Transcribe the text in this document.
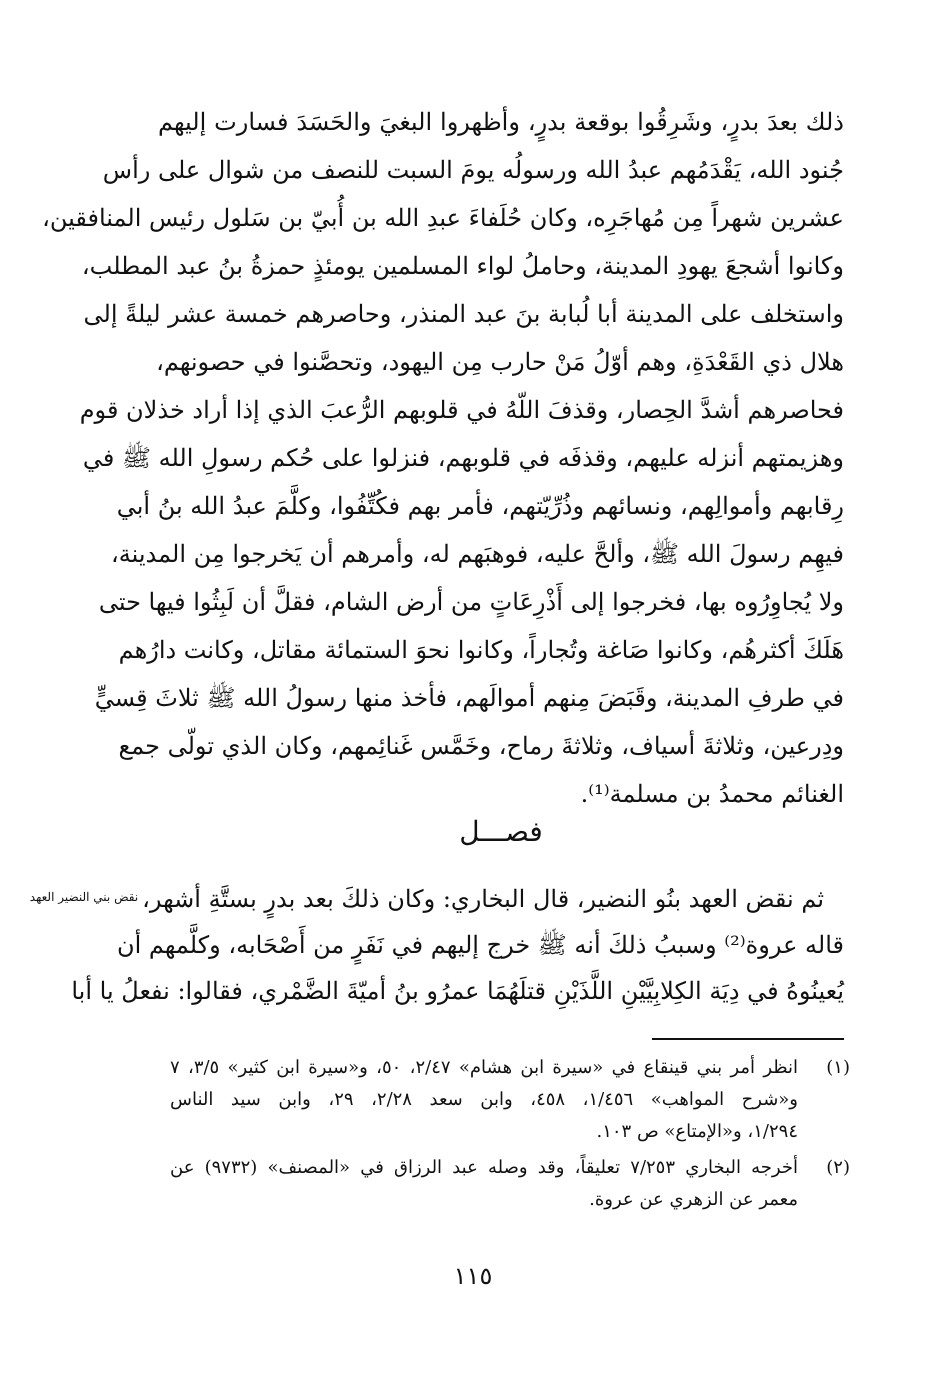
ذلك بعدَ بدرٍ، وشَرِقُوا بوقعة بدرٍ، وأظهروا البغيَ والحَسَدَ فسارت إليهم
جُنود الله، يَقْدَمُهم عبدُ الله ورسولُه يومَ السبت للنصف من شوال على رأس
عشرين شهراً مِن مُهاجَرِه، وكان حُلَفاءَ عبدِ الله بن أُبيّ بن سَلول رئيس المنافقين،
وكانوا أشجعَ يهودِ المدينة، وحاملُ لواء المسلمين يومئذٍ حمزةُ بنُ عبد المطلب،
واستخلف على المدينة أبا لُبابة بنَ عبد المنذر، وحاصرهم خمسة عشر ليلةً إلى
هلال ذي القَعْدَةِ، وهم أوّلُ مَنْ حارب مِن اليهود، وتحصَّنوا في حصونهم،
فحاصرهم أشدَّ الحِصار، وقذفَ اللّهُ في قلوبهم الرُّعبَ الذي إذا أراد خذلان قوم
وهزيمتهم أنزله عليهم، وقذفَه في قلوبهم، فنزلوا على حُكم رسولِ الله ﷺ في
رِقابهم وأموالِهم، ونسائهم وذُرِّيّتهم، فأمر بهم فكُتِّفُوا، وكلَّمَ عبدُ الله بنُ أبي
فيهِم رسولَ الله ﷺ، وألحَّ عليه، فوهبَهم له، وأمرهم أن يَخرجوا مِن المدينة،
ولا يُجاوِرُوه بها، فخرجوا إلى أَذْرِعَاتٍ من أرض الشام، فقلَّ أن لَبِثُوا فيها حتى
هَلَكَ أكثرهُم، وكانوا صَاغة وتُجاراً، وكانوا نحوَ الستمائة مقاتل، وكانت دارُهم
في طرفِ المدينة، وقَبَضَ مِنهم أموالَهم، فأخذ منها رسولُ الله ﷺ ثلاثَ قِسيٍّ
ودِرعين، وثلاثةَ أسياف، وثلاثةَ رماح، وخَمَّس غَنائِمهم، وكان الذي تولّى جمع
الغنائم محمدُ بن مسلمة⁽¹⁾.
فصـــل
نقض بني النضير العهد ثم نقض العهد بنُو النضير، قال البخاري: وكان ذلكَ بعد بدرٍ بستَّةِ أشهر،
قاله عروة⁽²⁾ وسببُ ذلكَ أنه ﷺ خرج إليهم في نَفَرٍ من أَصْحَابه، وكلَّمهم أن
يُعينُوهُ في دِيَة الكِلابِيَّيْنِ اللَّذَيْنِ قتلَهُمَا عمرُو بنُ أميّةَ الضَّمْري، فقالوا: نفعلُ يا أبا
(١)
انظر أمر بني قينقاع في «سيرة ابن هشام» ٢/٤٧، ٥٠، و«سيرة ابن كثير» ٣/٥، ٧
و«شرح المواهب» ١/٤٥٦، ٤٥٨، وابن سعد ٢/٢٨، ٢٩، وابن سيد الناس
١/٢٩٤، و«الإمتاع» ص ١٠٣.
(٢)
أخرجه البخاري ٧/٢٥٣ تعليقاً، وقد وصله عبد الرزاق في «المصنف» (٩٧٣٢) عن
معمر عن الزهري عن عروة.
١١٥
